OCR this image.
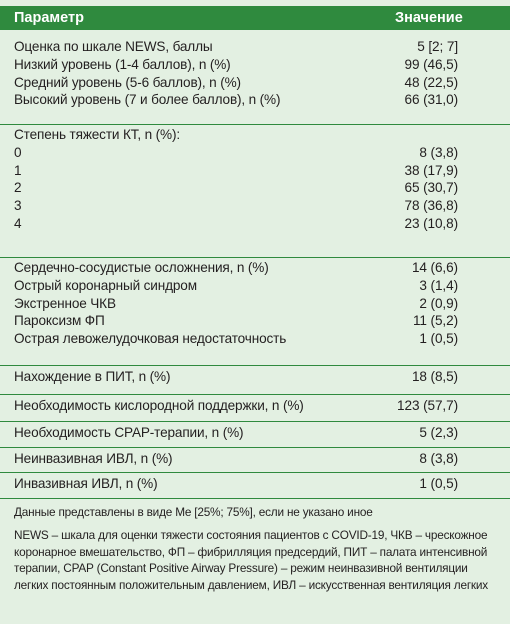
Параметр	Значение
Оценка по шкале NEWS, баллы	5 [2; 7]
Низкий уровень (1-4 баллов), n (%)	99 (46,5)
Средний уровень (5-6 баллов), n (%)	48 (22,5)
Высокий уровень (7 и более баллов), n (%)	66 (31,0)
Степень тяжести КТ, n (%):
0	8 (3,8)
1	38 (17,9)
2	65 (30,7)
3	78 (36,8)
4	23 (10,8)
Сердечно-сосудистые осложнения, n (%)	14 (6,6)
Острый коронарный синдром	3 (1,4)
Экстренное ЧКВ	2 (0,9)
Пароксизм ФП	11 (5,2)
Острая левожелудочковая недостаточность	1 (0,5)
Нахождение в ПИТ, n (%)	18 (8,5)
Необходимость кислородной поддержки, n (%)	123 (57,7)
Необходимость CPAP-терапии, n (%)	5 (2,3)
Неинвазивная ИВЛ, n (%)	8 (3,8)
Инвазивная ИВЛ, n (%)	1 (0,5)
Данные представлены в виде Me [25%; 75%], если не указано иное
NEWS – шкала для оценки тяжести состояния пациентов с COVID-19, ЧКВ – чрескожное коронарное вмешательство, ФП – фибрилляция предсердий, ПИТ – палата интенсивной терапии, CPAP (Constant Positive Airway Pressure) – режим неинвазивной вентиляции легких постоянным положительным давлением, ИВЛ – искусственная вентиляция легких
